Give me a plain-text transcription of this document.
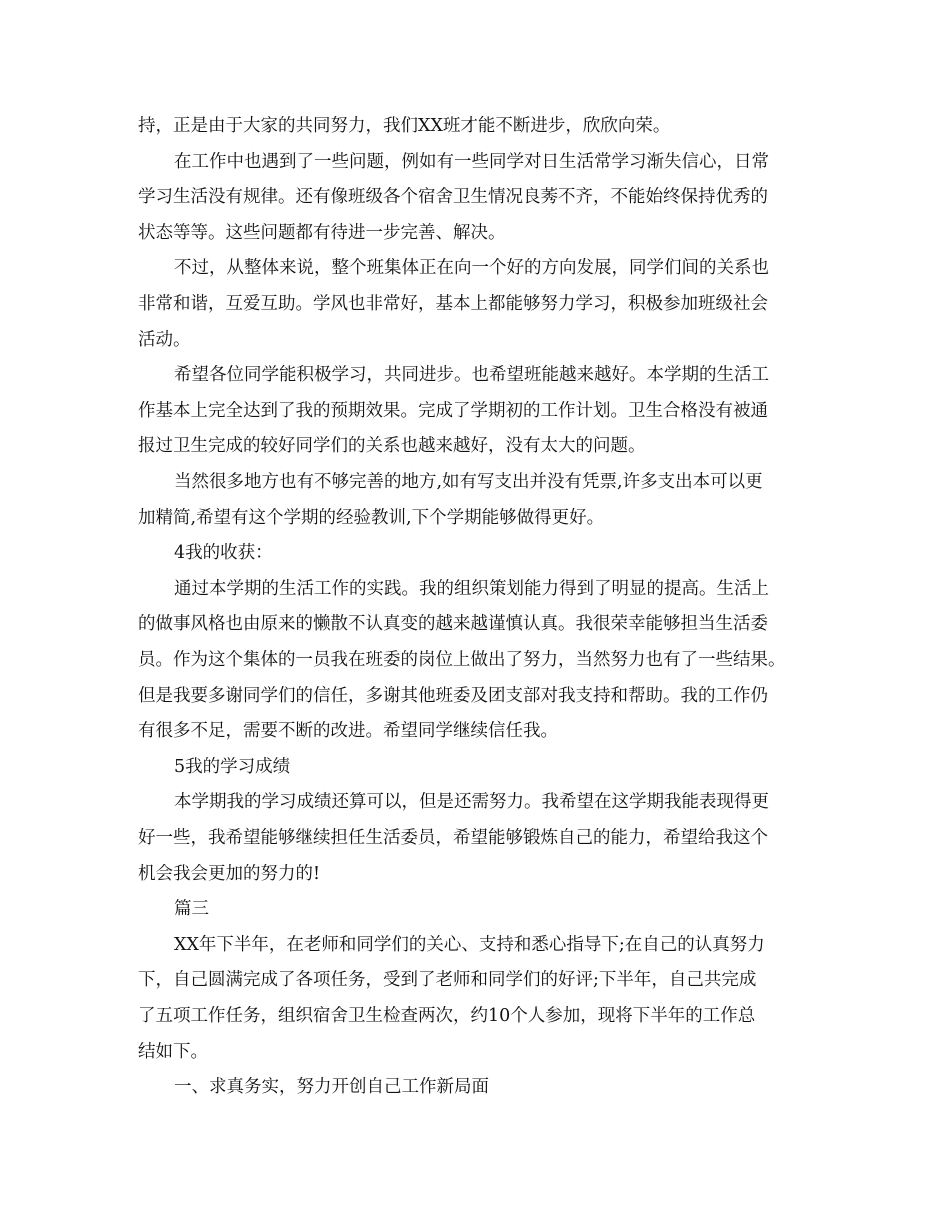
持，正是由于大家的共同努力，我们XX班才能不断进步，欣欣向荣。
在工作中也遇到了一些问题，例如有一些同学对日生活常学习渐失信心，日常
学习生活没有规律。还有像班级各个宿舍卫生情况良莠不齐，不能始终保持优秀的
状态等等。这些问题都有待进一步完善、解决。
不过，从整体来说，整个班集体正在向一个好的方向发展，同学们间的关系也
非常和谐，互爱互助。学风也非常好，基本上都能够努力学习，积极参加班级社会
活动。
希望各位同学能积极学习，共同进步。也希望班能越来越好。本学期的生活工
作基本上完全达到了我的预期效果。完成了学期初的工作计划。卫生合格没有被通
报过卫生完成的较好同学们的关系也越来越好，没有太大的问题。
当然很多地方也有不够完善的地方,如有写支出并没有凭票,许多支出本可以更
加精简,希望有这个学期的经验教训,下个学期能够做得更好。
4我的收获：
通过本学期的生活工作的实践。我的组织策划能力得到了明显的提高。生活上
的做事风格也由原来的懒散不认真变的越来越谨慎认真。我很荣幸能够担当生活委
员。作为这个集体的一员我在班委的岗位上做出了努力，当然努力也有了一些结果。
但是我要多谢同学们的信任，多谢其他班委及团支部对我支持和帮助。我的工作仍
有很多不足，需要不断的改进。希望同学继续信任我。
5我的学习成绩
本学期我的学习成绩还算可以，但是还需努力。我希望在这学期我能表现得更
好一些，我希望能够继续担任生活委员，希望能够锻炼自己的能力，希望给我这个
机会我会更加的努力的!
篇三
XX年下半年，在老师和同学们的关心、支持和悉心指导下;在自己的认真努力
下，自己圆满完成了各项任务，受到了老师和同学们的好评;下半年，自己共完成
了五项工作任务，组织宿舍卫生检查两次，约10个人参加，现将下半年的工作总
结如下。
一、求真务实，努力开创自己工作新局面
